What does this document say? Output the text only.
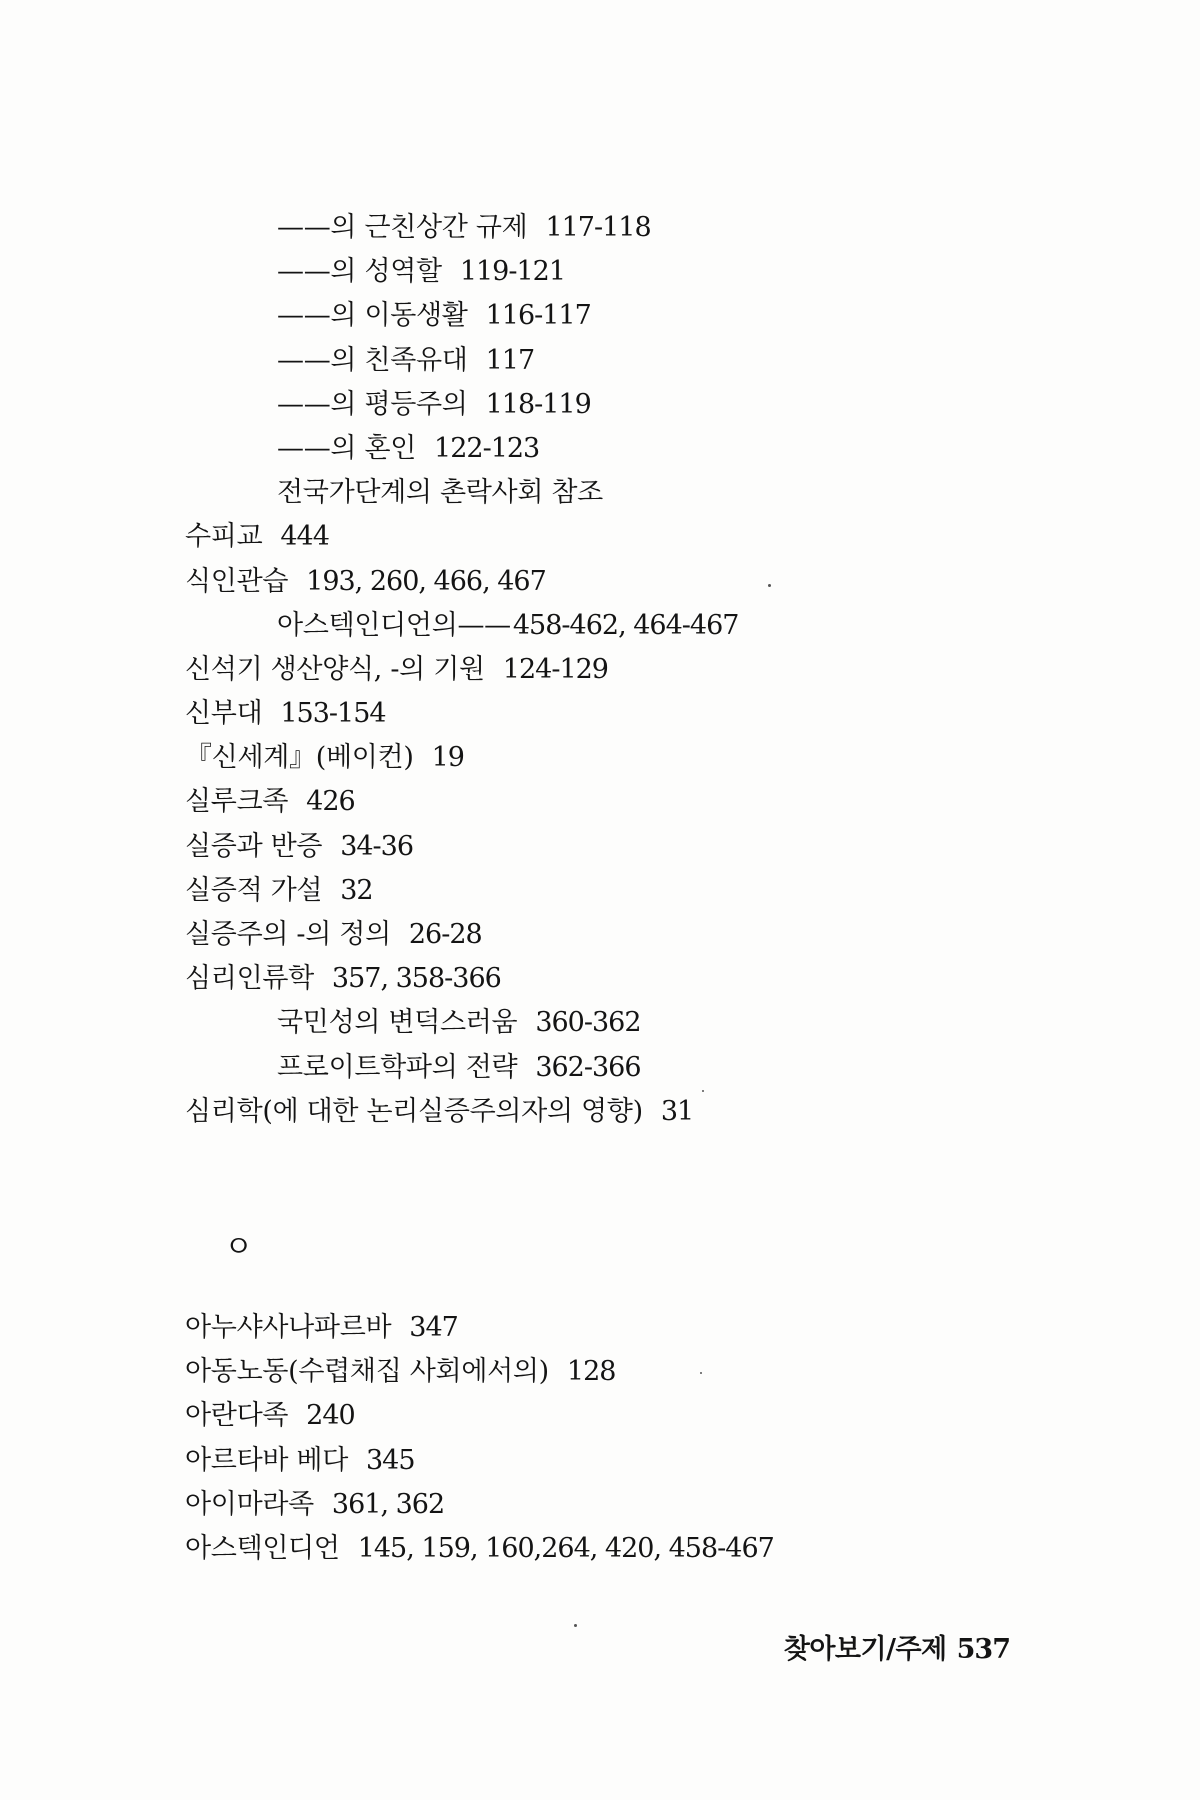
——의 근친상간 규제 117-118
——의 성역할 119-121
——의 이동생활 116-117
——의 친족유대 117
——의 평등주의 118-119
——의 혼인 122-123
전국가단계의 촌락사회 참조
수피교 444
식인관습 193, 260, 466, 467
아스텍인디언의——458-462, 464-467
신석기 생산양식, -의 기원 124-129
신부대 153-154
『신세계』(베이컨) 19
실루크족 426
실증과 반증 34-36
실증적 가설 32
실증주의 -의 정의 26-28
심리인류학 357, 358-366
국민성의 변덕스러움 360-362
프로이트학파의 전략 362-366
심리학(에 대한 논리실증주의자의 영향) 31
ㅇ
아누샤사나파르바 347
아동노동(수렵채집 사회에서의) 128
아란다족 240
아르타바 베다 345
아이마라족 361, 362
아스텍인디언 145, 159, 160,264, 420, 458-467
찾아보기/주제 537
